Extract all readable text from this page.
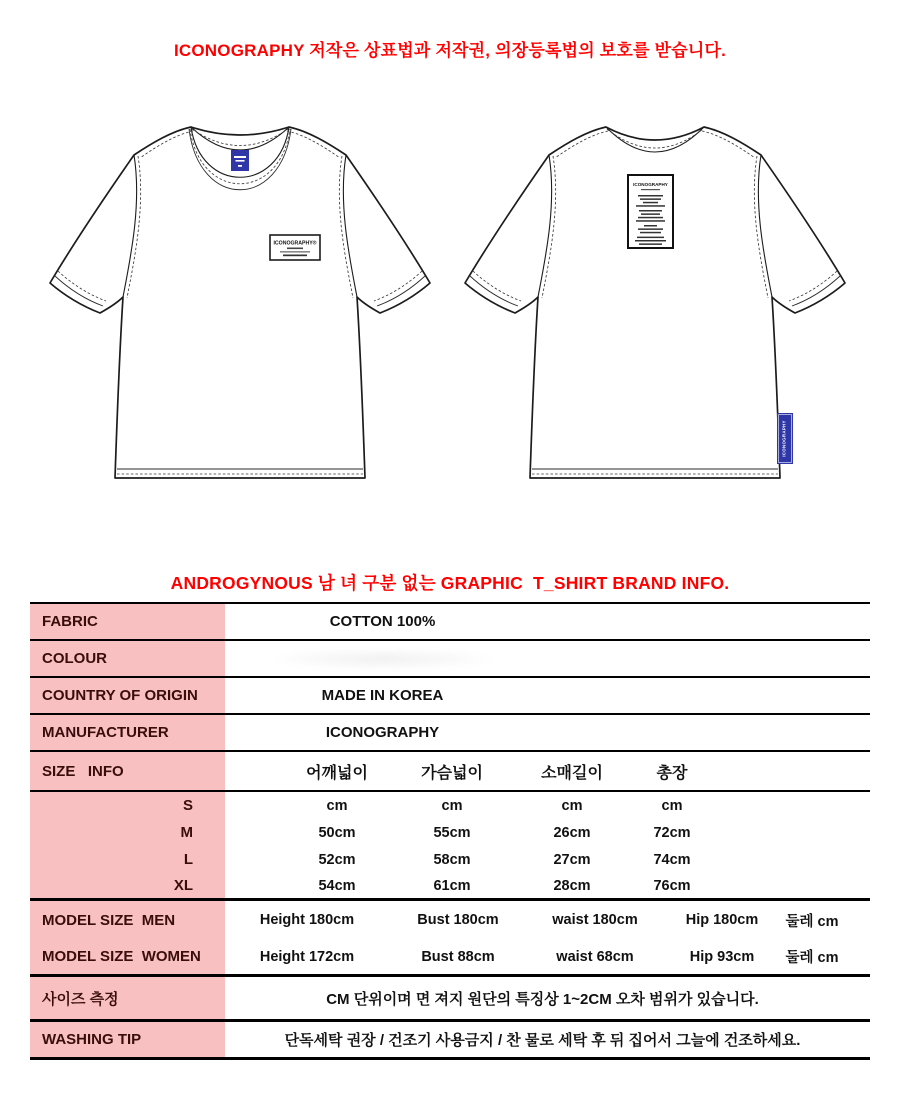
ICONOGRAPHY 저작은 상표법과 저작권, 의장등록법의 보호를 받습니다.
ICONOGRAPHY®
ICONOGRAPHY
ICONOGRAPHY
ANDROGYNOUS 남 녀 구분 없는 GRAPHIC  T_SHIRT BRAND INFO.
FABRIC	COTTON 100%
COLOUR
COUNTRY OF ORIGIN	MADE IN KOREA
MANUFACTURER	ICONOGRAPHY
SIZE   INFO	어깨넓이	가슴넓이	소매길이	총장
S	cm	cm	cm	cm
M	50cm	55cm	26cm	72cm
L	52cm	58cm	27cm	74cm
XL	54cm	61cm	28cm	76cm
MODEL SIZE  MEN	Height 180cm	Bust 180cm	waist 180cm	Hip 180cm	둘레 cm
MODEL SIZE  WOMEN	Height 172cm	Bust 88cm	waist 68cm	Hip 93cm	둘레 cm
사이즈 측정	CM 단위이며 면 져지 원단의 특징상 1~2CM 오차 범위가 있습니다.
WASHING TIP	단독세탁 권장 / 건조기 사용금지 / 찬 물로 세탁 후 뒤 집어서 그늘에 건조하세요.
